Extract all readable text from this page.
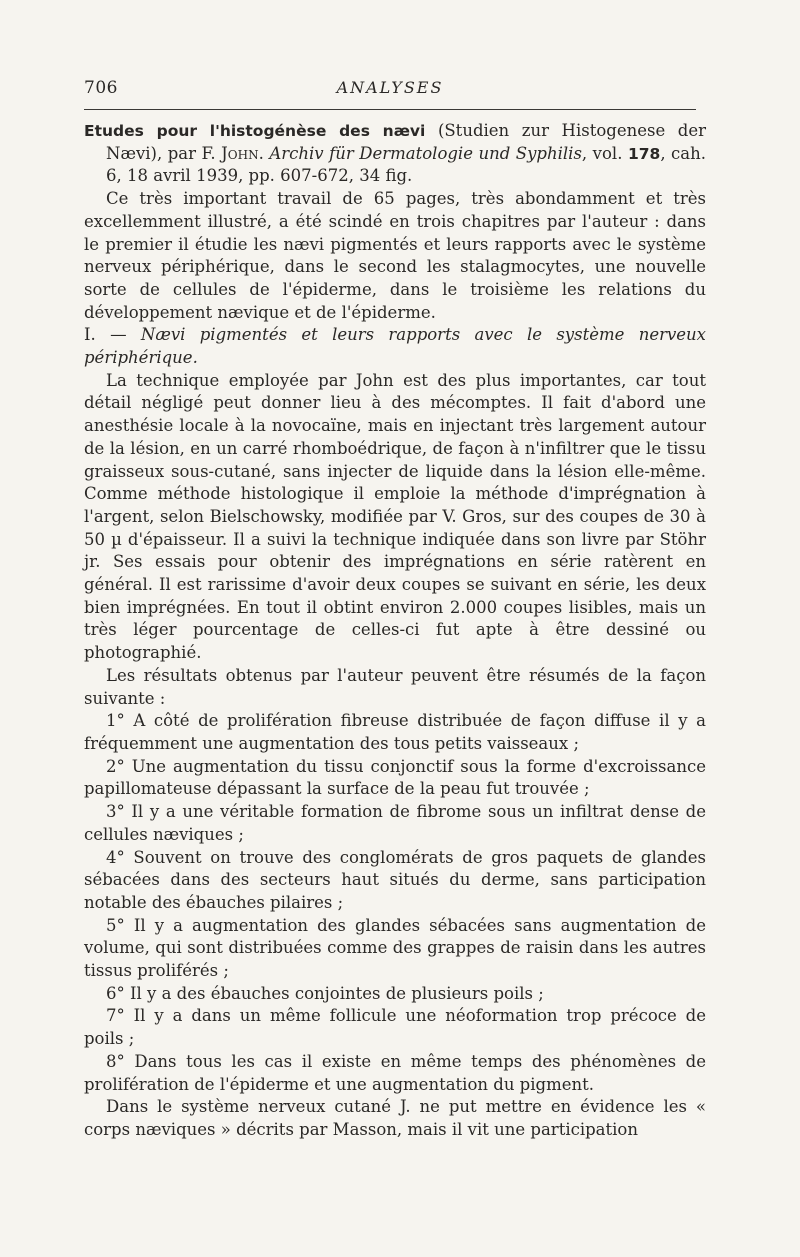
706	ANALYSES

Etudes pour l'histogénèse des nævi (Studien zur Histogenese der Nævi), par F. John. Archiv für Dermatologie und Syphilis, vol. 178, cah. 6, 18 avril 1939, pp. 607-672, 34 fig.

Ce très important travail de 65 pages, très abondamment et très excellemment illustré, a été scindé en trois chapitres par l'auteur : dans le premier il étudie les nævi pigmentés et leurs rapports avec le système nerveux périphérique, dans le second les stalagmocytes, une nouvelle sorte de cellules de l'épiderme, dans le troisième les relations du développement nævique et de l'épiderme.

I. — Nævi pigmentés et leurs rapports avec le système nerveux périphérique.

La technique employée par John est des plus importantes, car tout détail négligé peut donner lieu à des mécomptes. Il fait d'abord une anesthésie locale à la novocaïne, mais en injectant très largement autour de la lésion, en un carré rhomboédrique, de façon à n'infiltrer que le tissu graisseux sous-cutané, sans injecter de liquide dans la lésion elle-même. Comme méthode histologique il emploie la méthode d'imprégnation à l'argent, selon Bielschowsky, modifiée par V. Gros, sur des coupes de 30 à 50 µ d'épaisseur. Il a suivi la technique indiquée dans son livre par Stöhr jr. Ses essais pour obtenir des imprégnations en série ratèrent en général. Il est rarissime d'avoir deux coupes se suivant en série, les deux bien imprégnées. En tout il obtint environ 2.000 coupes lisibles, mais un très léger pourcentage de celles-ci fut apte à être dessiné ou photographié.

Les résultats obtenus par l'auteur peuvent être résumés de la façon suivante :

1° A côté de prolifération fibreuse distribuée de façon diffuse il y a fréquemment une augmentation des tous petits vaisseaux ;

2° Une augmentation du tissu conjonctif sous la forme d'excroissance papillomateuse dépassant la surface de la peau fut trouvée ;

3° Il y a une véritable formation de fibrome sous un infiltrat dense de cellules næviques ;

4° Souvent on trouve des conglomérats de gros paquets de glandes sébacées dans des secteurs haut situés du derme, sans participation notable des ébauches pilaires ;

5° Il y a augmentation des glandes sébacées sans augmentation de volume, qui sont distribuées comme des grappes de raisin dans les autres tissus proliférés ;

6° Il y a des ébauches conjointes de plusieurs poils ;

7° Il y a dans un même follicule une néoformation trop précoce de poils ;

8° Dans tous les cas il existe en même temps des phénomènes de prolifération de l'épiderme et une augmentation du pigment.

Dans le système nerveux cutané J. ne put mettre en évidence les « corps næviques » décrits par Masson, mais il vit une participation
